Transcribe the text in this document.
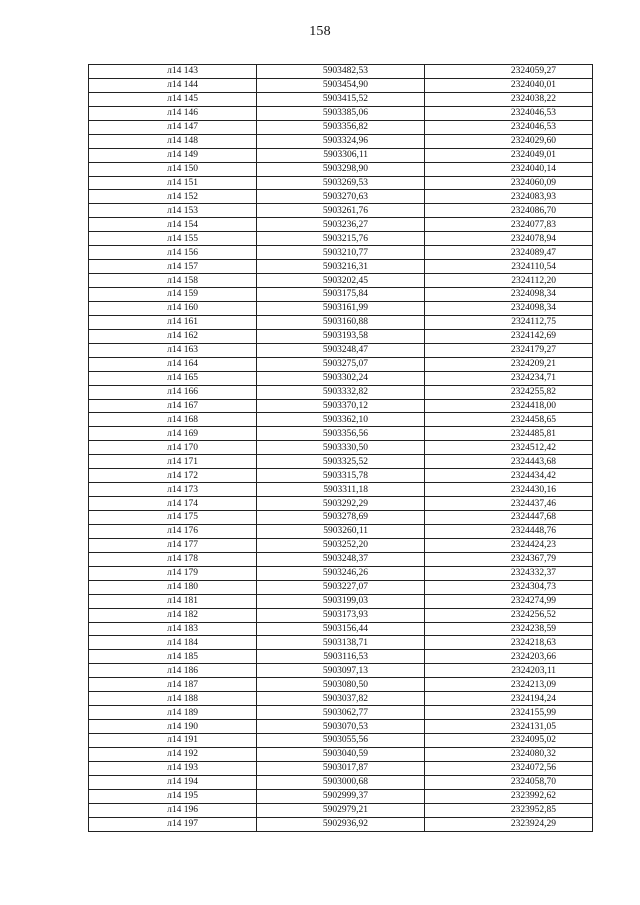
158
л14 143	5903482,53	2324059,27
л14 144	5903454,90	2324040,01
л14 145	5903415,52	2324038,22
л14 146	5903385,06	2324046,53
л14 147	5903356,82	2324046,53
л14 148	5903324,96	2324029,60
л14 149	5903306,11	2324049,01
л14 150	5903298,90	2324040,14
л14 151	5903269,53	2324060,09
л14 152	5903270,63	2324083,93
л14 153	5903261,76	2324086,70
л14 154	5903236,27	2324077,83
л14 155	5903215,76	2324078,94
л14 156	5903210,77	2324089,47
л14 157	5903216,31	2324110,54
л14 158	5903202,45	2324112,20
л14 159	5903175,84	2324098,34
л14 160	5903161,99	2324098,34
л14 161	5903160,88	2324112,75
л14 162	5903193,58	2324142,69
л14 163	5903248,47	2324179,27
л14 164	5903275,07	2324209,21
л14 165	5903302,24	2324234,71
л14 166	5903332,82	2324255,82
л14 167	5903370,12	2324418,00
л14 168	5903362,10	2324458,65
л14 169	5903356,56	2324485,81
л14 170	5903330,50	2324512,42
л14 171	5903325,52	2324443,68
л14 172	5903315,78	2324434,42
л14 173	5903311,18	2324430,16
л14 174	5903292,29	2324437,46
л14 175	5903278,69	2324447,68
л14 176	5903260,11	2324448,76
л14 177	5903252,20	2324424,23
л14 178	5903248,37	2324367,79
л14 179	5903246,26	2324332,37
л14 180	5903227,07	2324304,73
л14 181	5903199,03	2324274,99
л14 182	5903173,93	2324256,52
л14 183	5903156,44	2324238,59
л14 184	5903138,71	2324218,63
л14 185	5903116,53	2324203,66
л14 186	5903097,13	2324203,11
л14 187	5903080,50	2324213,09
л14 188	5903037,82	2324194,24
л14 189	5903062,77	2324155,99
л14 190	5903070,53	2324131,05
л14 191	5903055,56	2324095,02
л14 192	5903040,59	2324080,32
л14 193	5903017,87	2324072,56
л14 194	5903000,68	2324058,70
л14 195	5902999,37	2323992,62
л14 196	5902979,21	2323952,85
л14 197	5902936,92	2323924,29
